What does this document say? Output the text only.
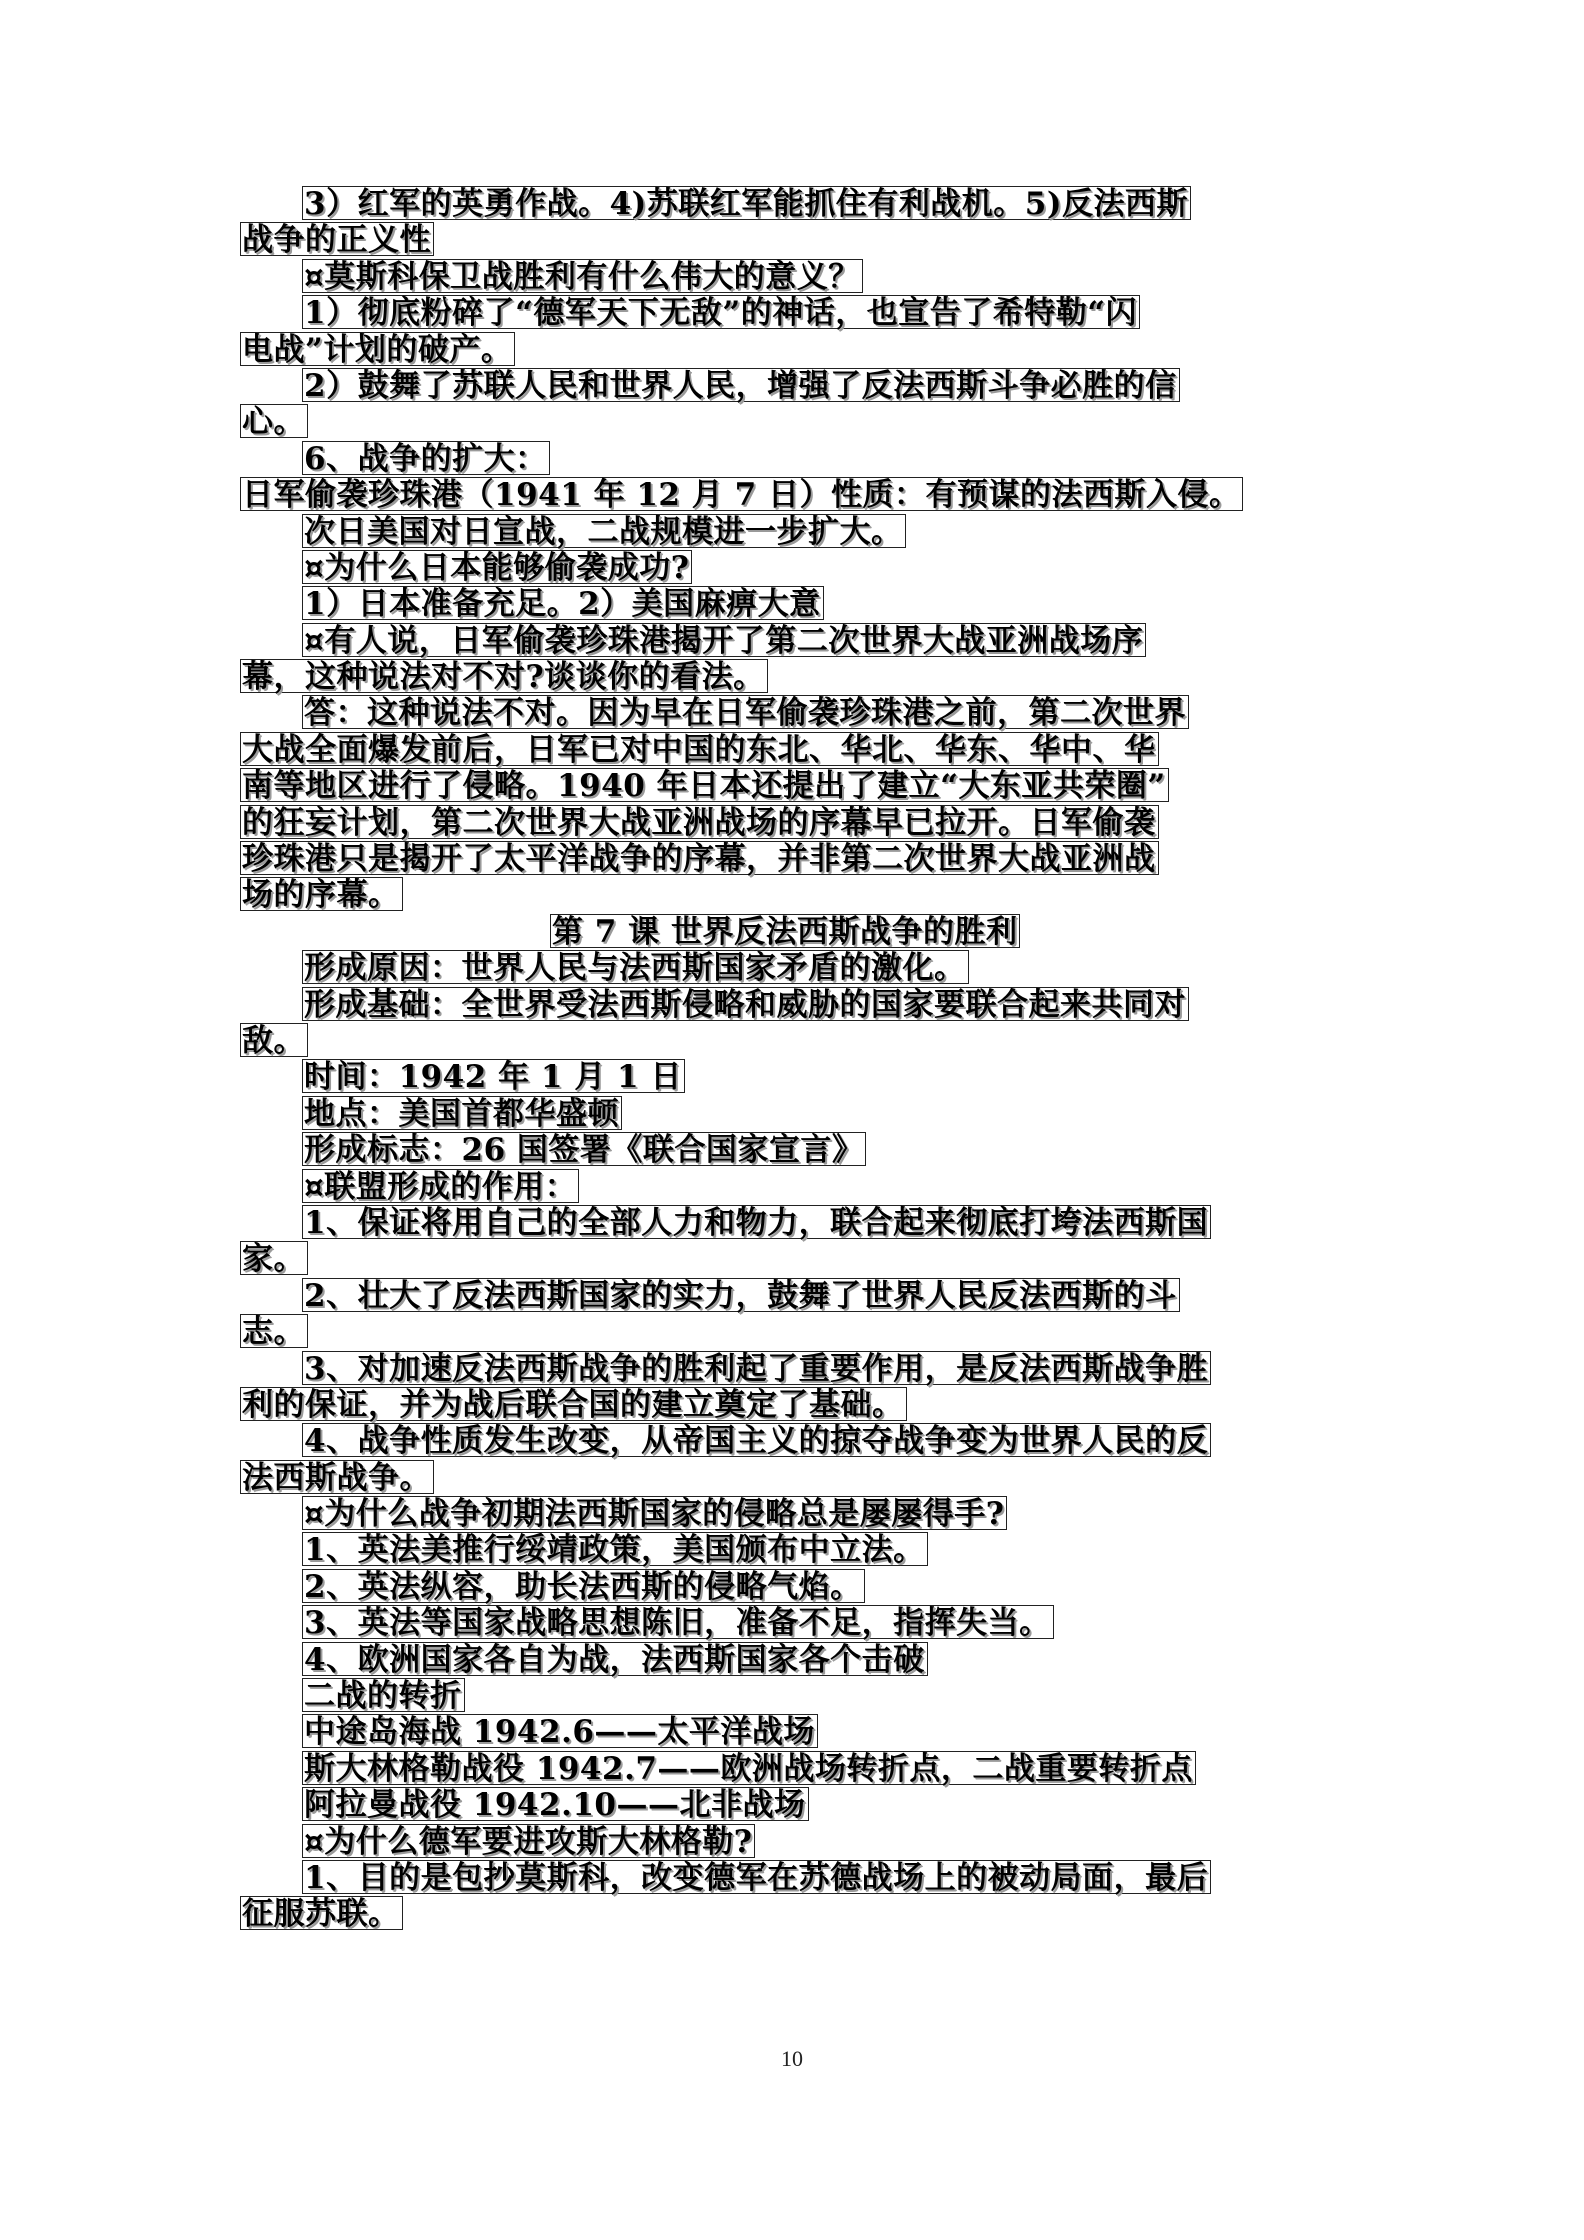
3）红军的英勇作战。4)苏联红军能抓住有利战机。5)反法西斯
战争的正义性
¤莫斯科保卫战胜利有什么伟大的意义？
1）彻底粉碎了“德军天下无敌”的神话，也宣告了希特勒“闪
电战”计划的破产。
2）鼓舞了苏联人民和世界人民，增强了反法西斯斗争必胜的信
心。
6、战争的扩大：
日军偷袭珍珠港（1941 年 12 月 7 日）性质：有预谋的法西斯入侵。
次日美国对日宣战，二战规模进一步扩大。
¤为什么日本能够偷袭成功?
1）日本准备充足。2）美国麻痹大意
¤有人说，日军偷袭珍珠港揭开了第二次世界大战亚洲战场序
幕，这种说法对不对?谈谈你的看法。
答：这种说法不对。因为早在日军偷袭珍珠港之前，第二次世界
大战全面爆发前后，日军已对中国的东北、华北、华东、华中、华
南等地区进行了侵略。1940 年日本还提出了建立“大东亚共荣圈”
的狂妄计划，第二次世界大战亚洲战场的序幕早已拉开。日军偷袭
珍珠港只是揭开了太平洋战争的序幕，并非第二次世界大战亚洲战
场的序幕。
第 7 课 世界反法西斯战争的胜利
形成原因：世界人民与法西斯国家矛盾的激化。
形成基础：全世界受法西斯侵略和威胁的国家要联合起来共同对
敌。
时间：1942 年 1 月 1 日
地点：美国首都华盛顿
形成标志：26 国签署《联合国家宣言》
¤联盟形成的作用：
1、保证将用自己的全部人力和物力，联合起来彻底打垮法西斯国
家。
2、壮大了反法西斯国家的实力，鼓舞了世界人民反法西斯的斗
志。
3、对加速反法西斯战争的胜利起了重要作用，是反法西斯战争胜
利的保证，并为战后联合国的建立奠定了基础。
4、战争性质发生改变，从帝国主义的掠夺战争变为世界人民的反
法西斯战争。
¤为什么战争初期法西斯国家的侵略总是屡屡得手?
1、英法美推行绥靖政策，美国颁布中立法。
2、英法纵容，助长法西斯的侵略气焰。
3、英法等国家战略思想陈旧，准备不足，指挥失当。
4、欧洲国家各自为战，法西斯国家各个击破
二战的转折
中途岛海战 1942.6——太平洋战场
斯大林格勒战役 1942.7——欧洲战场转折点，二战重要转折点
阿拉曼战役 1942.10——北非战场
¤为什么德军要进攻斯大林格勒?
1、目的是包抄莫斯科，改变德军在苏德战场上的被动局面，最后
征服苏联。
10
